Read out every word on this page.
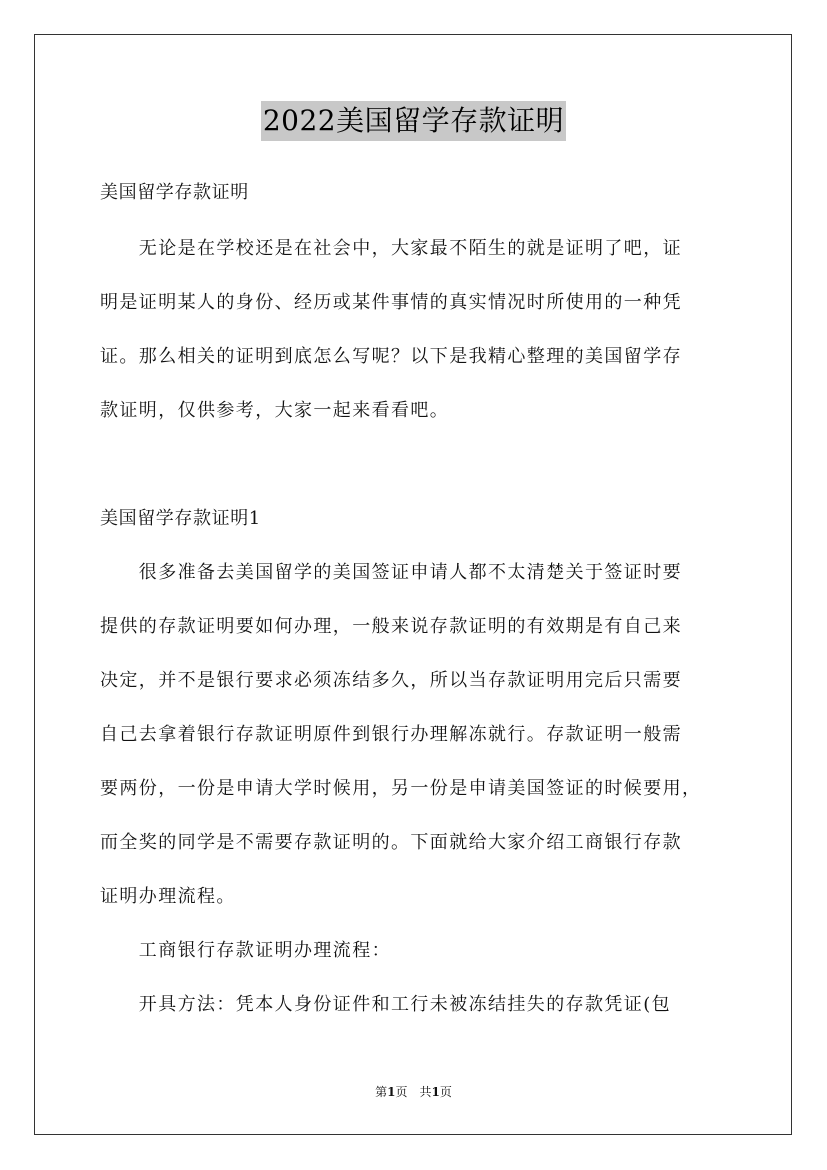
2022美国留学存款证明
美国留学存款证明
　　无论是在学校还是在社会中，大家最不陌生的就是证明了吧，证
明是证明某人的身份、经历或某件事情的真实情况时所使用的一种凭
证。那么相关的证明到底怎么写呢？以下是我精心整理的美国留学存
款证明，仅供参考，大家一起来看看吧。
美国留学存款证明1
　　很多准备去美国留学的美国签证申请人都不太清楚关于签证时要
提供的存款证明要如何办理，一般来说存款证明的有效期是有自己来
决定，并不是银行要求必须冻结多久，所以当存款证明用完后只需要
自己去拿着银行存款证明原件到银行办理解冻就行。存款证明一般需
要两份，一份是申请大学时候用，另一份是申请美国签证的时候要用，
而全奖的同学是不需要存款证明的。下面就给大家介绍工商银行存款
证明办理流程。
　　工商银行存款证明办理流程：
　　开具方法：凭本人身份证件和工行未被冻结挂失的存款凭证(包
第1页　共1页
